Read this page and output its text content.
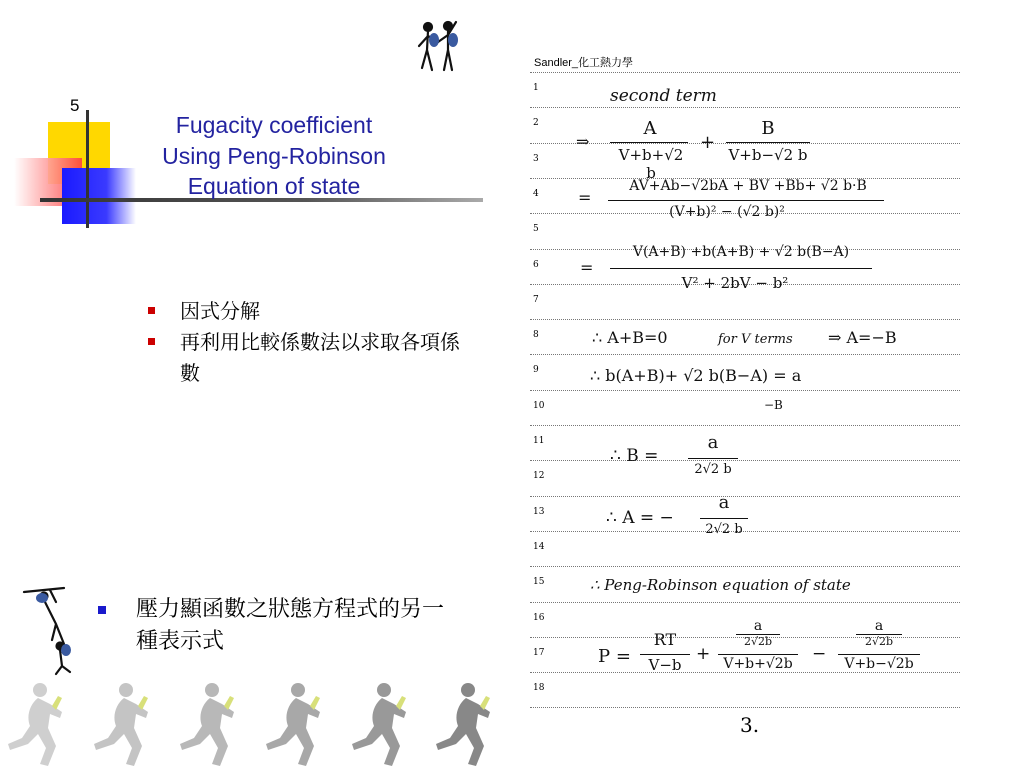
5
Fugacity coefficient
Using Peng-Robinson
Equation of state
因式分解
再利用比較係數法以求取各項係數
壓力顯函數之狀態方程式的另一種表示式
Sandler_化工熱力學
1
2
3
4
5
6
7
8
9
10
11
12
13
14
15
16
17
18
second term
⇒
A
V+b+√2 b
+
B
V+b−√2 b
=
AV+Ab−√2bA + BV +Bb+ √2 b·B
(V+b)² − (√2 b)²
=
V(A+B) +b(A+B) + √2 b(B−A)
V² + 2bV − b²
∴ A+B=0	for V terms ⇒ A=−B
∴ b(A+B)+ √2 b(B−A) = a
−B
∴ B =
a
2√2 b
∴ A = −
a
2√2 b
∴ Peng-Robinson equation of state
P =
RT
V−b
+
a
2√2b
V+b+√2b	−
a
2√2b
V+b−√2b
3.
